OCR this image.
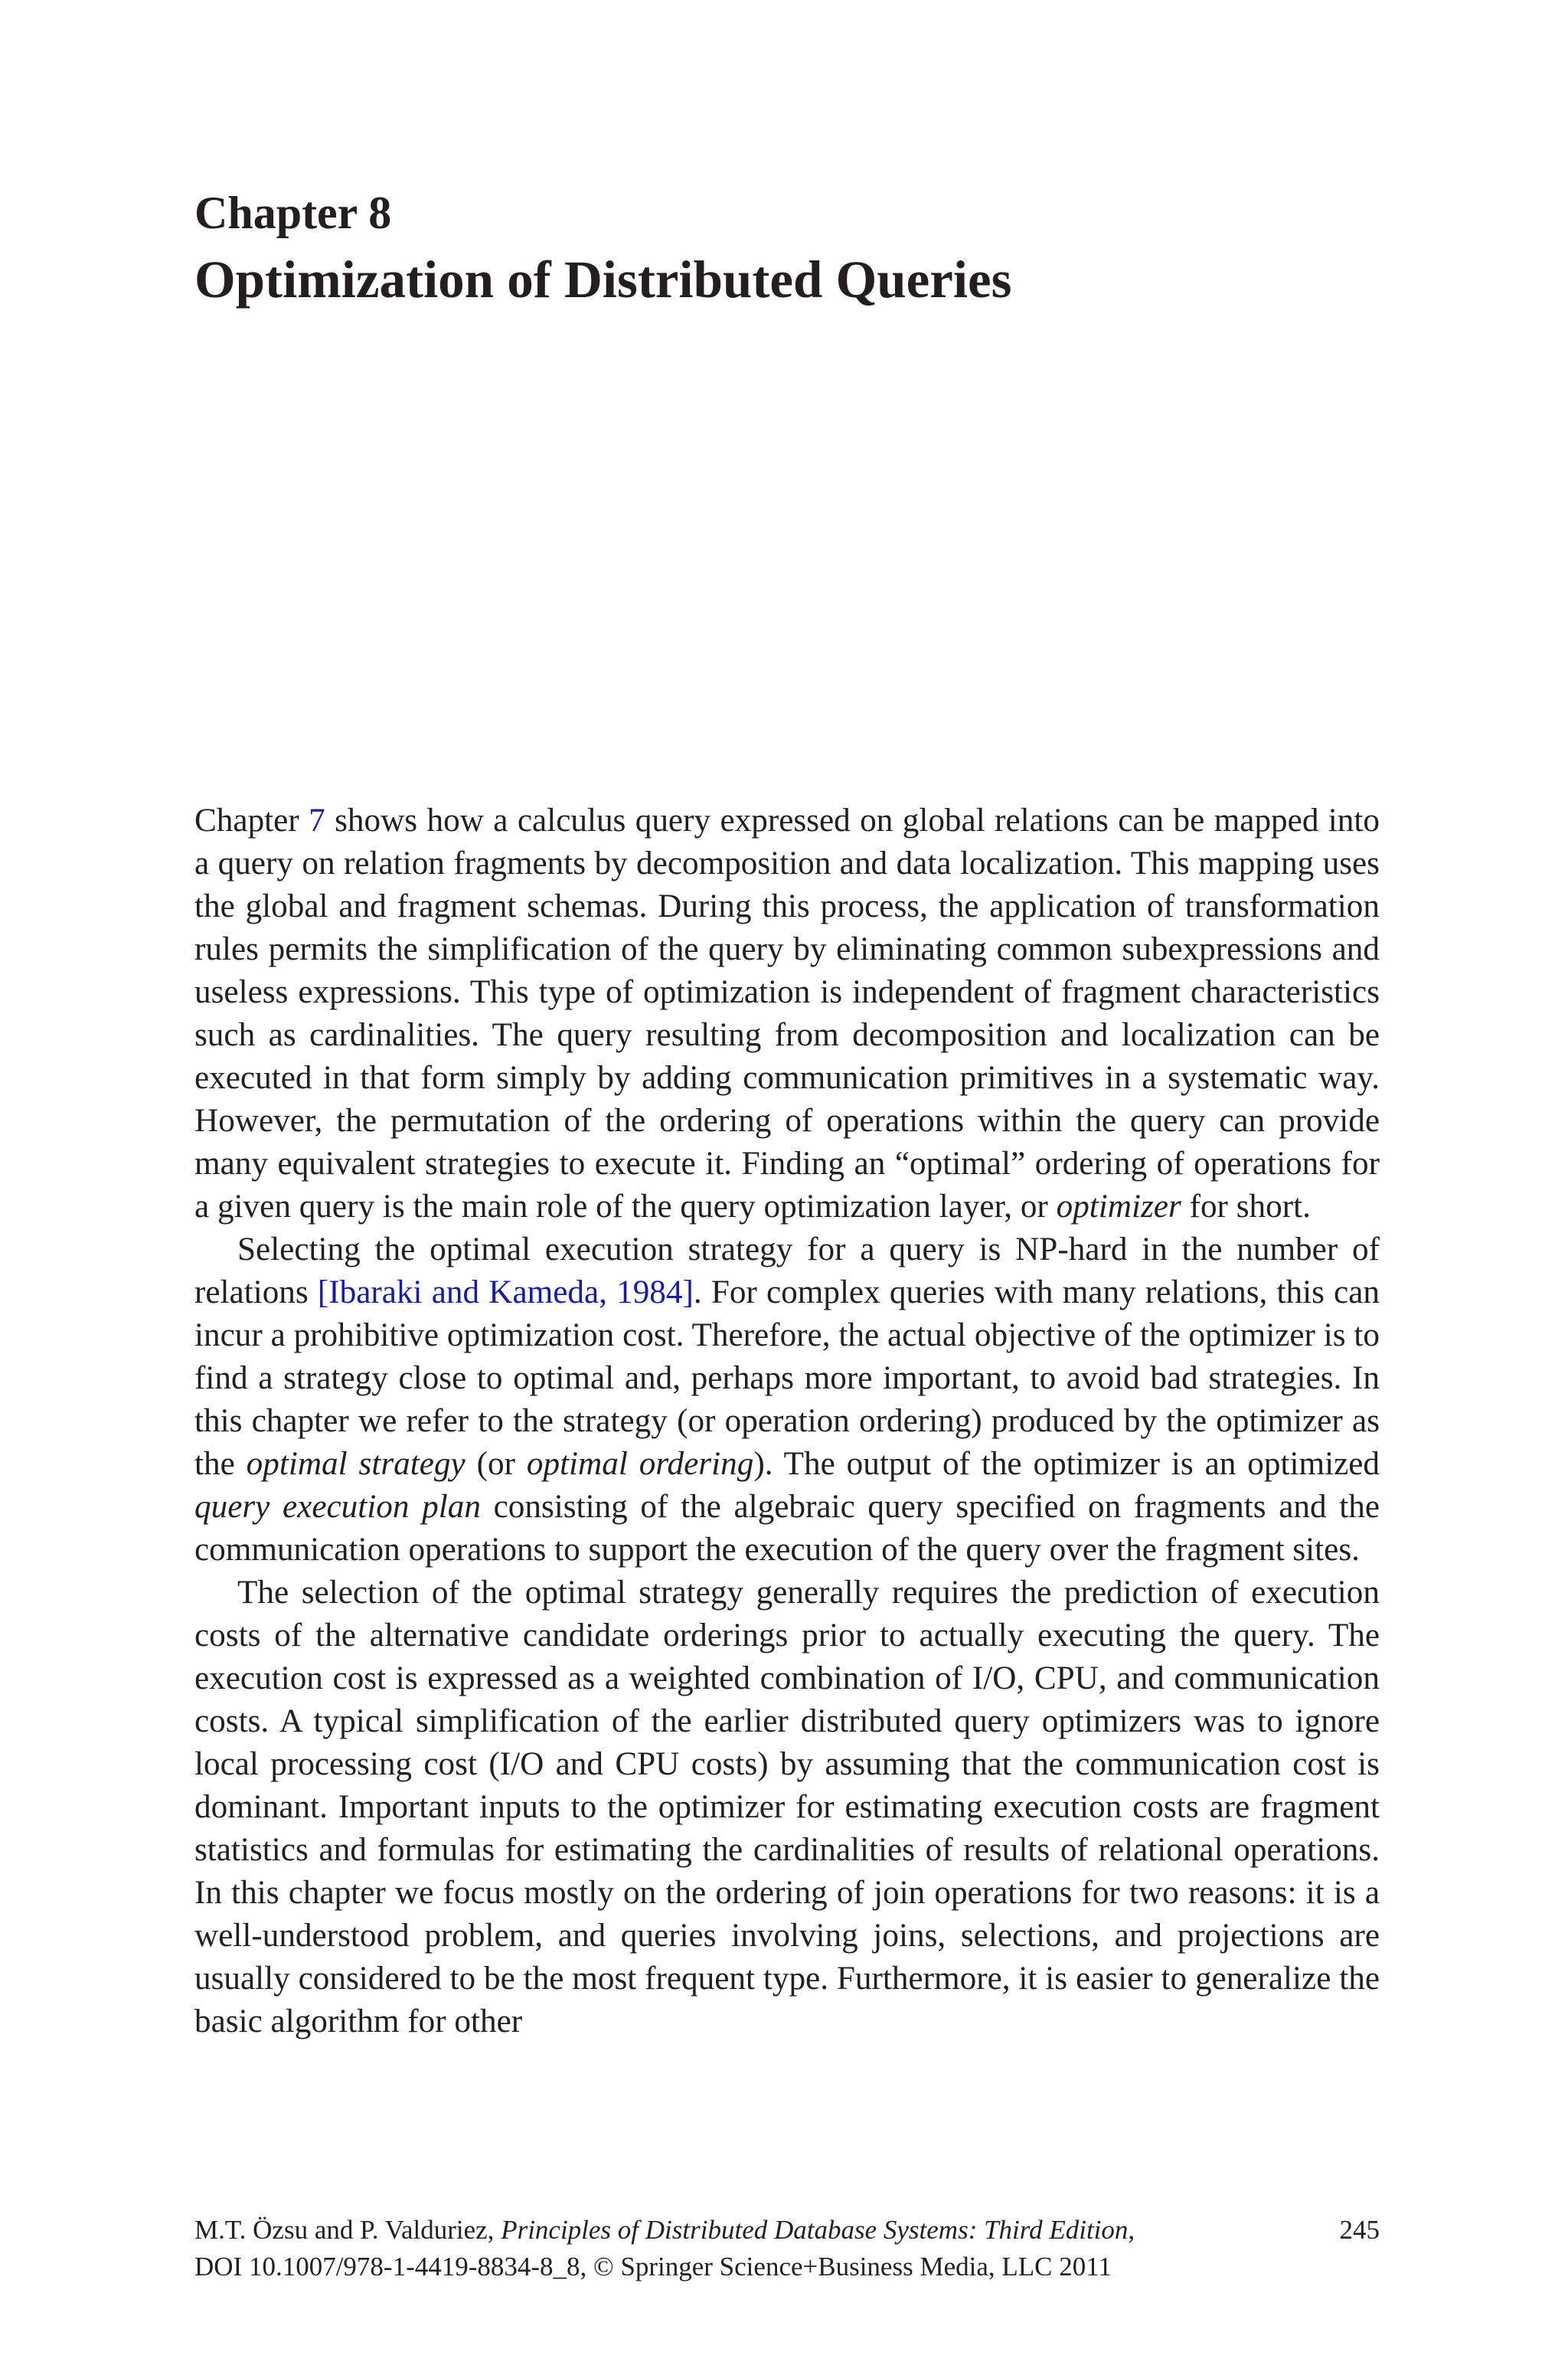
Chapter 8
Optimization of Distributed Queries

Chapter 7 shows how a calculus query expressed on global relations can be mapped into a query on relation fragments by decomposition and data localization. This mapping uses the global and fragment schemas. During this process, the application of transformation rules permits the simplification of the query by eliminating common subexpressions and useless expressions. This type of optimization is independent of fragment characteristics such as cardinalities. The query resulting from decomposition and localization can be executed in that form simply by adding communication primitives in a systematic way. However, the permutation of the ordering of operations within the query can provide many equivalent strategies to execute it. Finding an “optimal” ordering of operations for a given query is the main role of the query optimization layer, or optimizer for short.

Selecting the optimal execution strategy for a query is NP-hard in the number of relations [Ibaraki and Kameda, 1984]. For complex queries with many relations, this can incur a prohibitive optimization cost. Therefore, the actual objective of the optimizer is to find a strategy close to optimal and, perhaps more important, to avoid bad strategies. In this chapter we refer to the strategy (or operation ordering) produced by the optimizer as the optimal strategy (or optimal ordering). The output of the optimizer is an optimized query execution plan consisting of the algebraic query specified on fragments and the communication operations to support the execution of the query over the fragment sites.

The selection of the optimal strategy generally requires the prediction of execution costs of the alternative candidate orderings prior to actually executing the query. The execution cost is expressed as a weighted combination of I/O, CPU, and communication costs. A typical simplification of the earlier distributed query optimizers was to ignore local processing cost (I/O and CPU costs) by assuming that the communication cost is dominant. Important inputs to the optimizer for estimating execution costs are fragment statistics and formulas for estimating the cardinalities of results of relational operations. In this chapter we focus mostly on the ordering of join operations for two reasons: it is a well-understood problem, and queries involving joins, selections, and projections are usually considered to be the most frequent type. Furthermore, it is easier to generalize the basic algorithm for other

M.T. Özsu and P. Valduriez, Principles of Distributed Database Systems: Third Edition,
DOI 10.1007/978-1-4419-8834-8_8, © Springer Science+Business Media, LLC 2011
245
